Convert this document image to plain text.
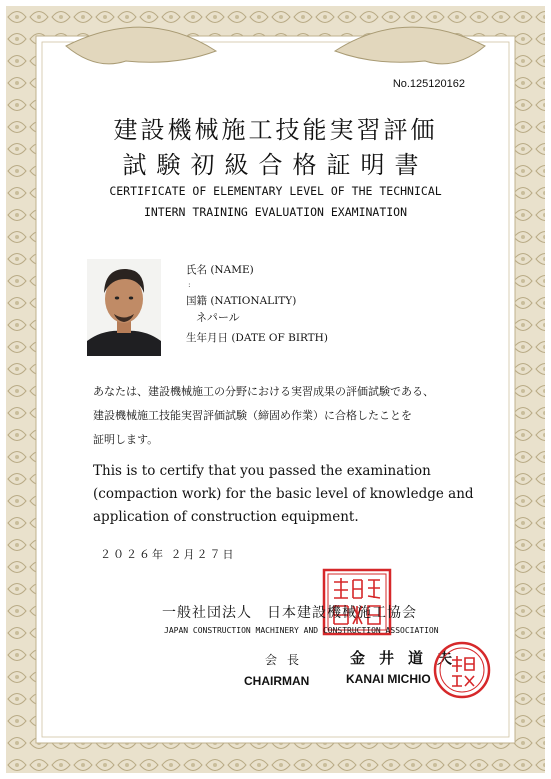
No.125120162
建設機械施工技能実習評価
試験初級合格証明書
CERTIFICATE OF ELEMENTARY LEVEL OF THE TECHNICAL
INTERN TRAINING EVALUATION EXAMINATION
氏名 (NAME)
:
国籍 (NATIONALITY)
ネパール
生年月日 (DATE OF BIRTH)
あなたは、建設機械施工の分野における実習成果の評価試験である、
建設機械施工技能実習評価試験（締固め作業）に合格したことを
証明します。
This is to certify that you passed the examination
(compaction work) for the basic level of knowledge and
application of construction equipment.
２０２６年 ２月２７日
一般社団法人　日本建設機械施工協会
JAPAN CONSTRUCTION MACHINERY AND CONSTRUCTION ASSOCIATION
会長	金井道夫
CHAIRMAN	KANAI MICHIO
